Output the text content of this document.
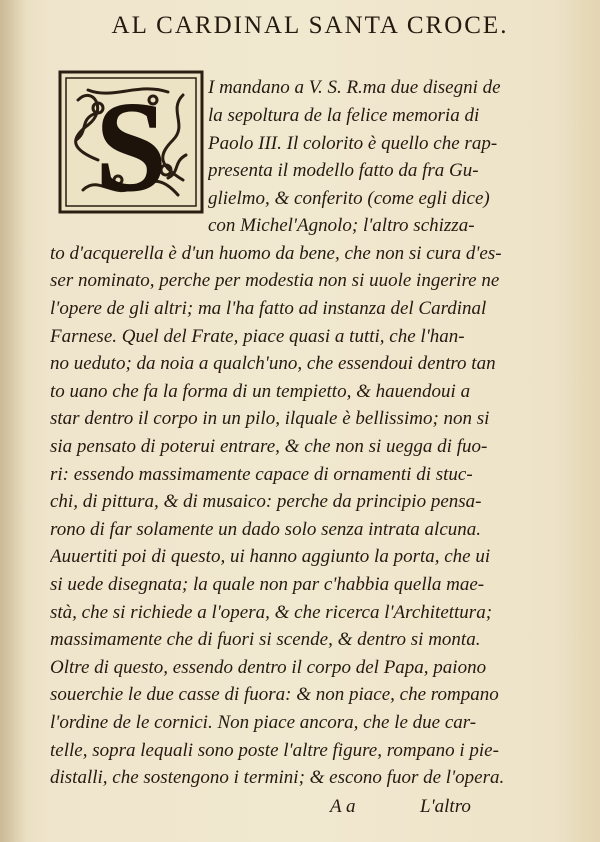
AL CARDINAL SANTA CROCE.
S I mandano a V. S. R.ma due disegni de
la sepoltura de la felice memoria di
Paolo III. Il colorito è quello che rap-
presenta il modello fatto da fra Gu-
glielmo, & conferito (come egli dice)
con Michel'Agnolo; l'altro schizza-
to d'acquerella è d'un huomo da bene, che non si cura d'es-
ser nominato, perche per modestia non si uuole ingerire ne
l'opere de gli altri; ma l'ha fatto ad instanza del Cardinal
Farnese. Quel del Frate, piace quasi a tutti, che l'han-
no ueduto; da noia a qualch'uno, che essendoui dentro tan
to uano che fa la forma di un tempietto, & hauendoui a
star dentro il corpo in un pilo, ilquale è bellissimo; non si
sia pensato di poterui entrare, & che non si uegga di fuo-
ri: essendo massimamente capace di ornamenti di stuc-
chi, di pittura, & di musaico: perche da principio pensa-
rono di far solamente un dado solo senza intrata alcuna.
Auuertiti poi di questo, ui hanno aggiunto la porta, che ui
si uede disegnata; la quale non par c'habbia quella mae-
stà, che si richiede a l'opera, & che ricerca l'Architettura;
massimamente che di fuori si scende, & dentro si monta.
Oltre di questo, essendo dentro il corpo del Papa, paiono
souerchie le due casse di fuora: & non piace, che rompano
l'ordine de le cornici. Non piace ancora, che le due car-
telle, sopra lequali sono poste l'altre figure, rompano i pie-
distalli, che sostengono i termini; & escono fuor de l'opera.
A a	L'altro
